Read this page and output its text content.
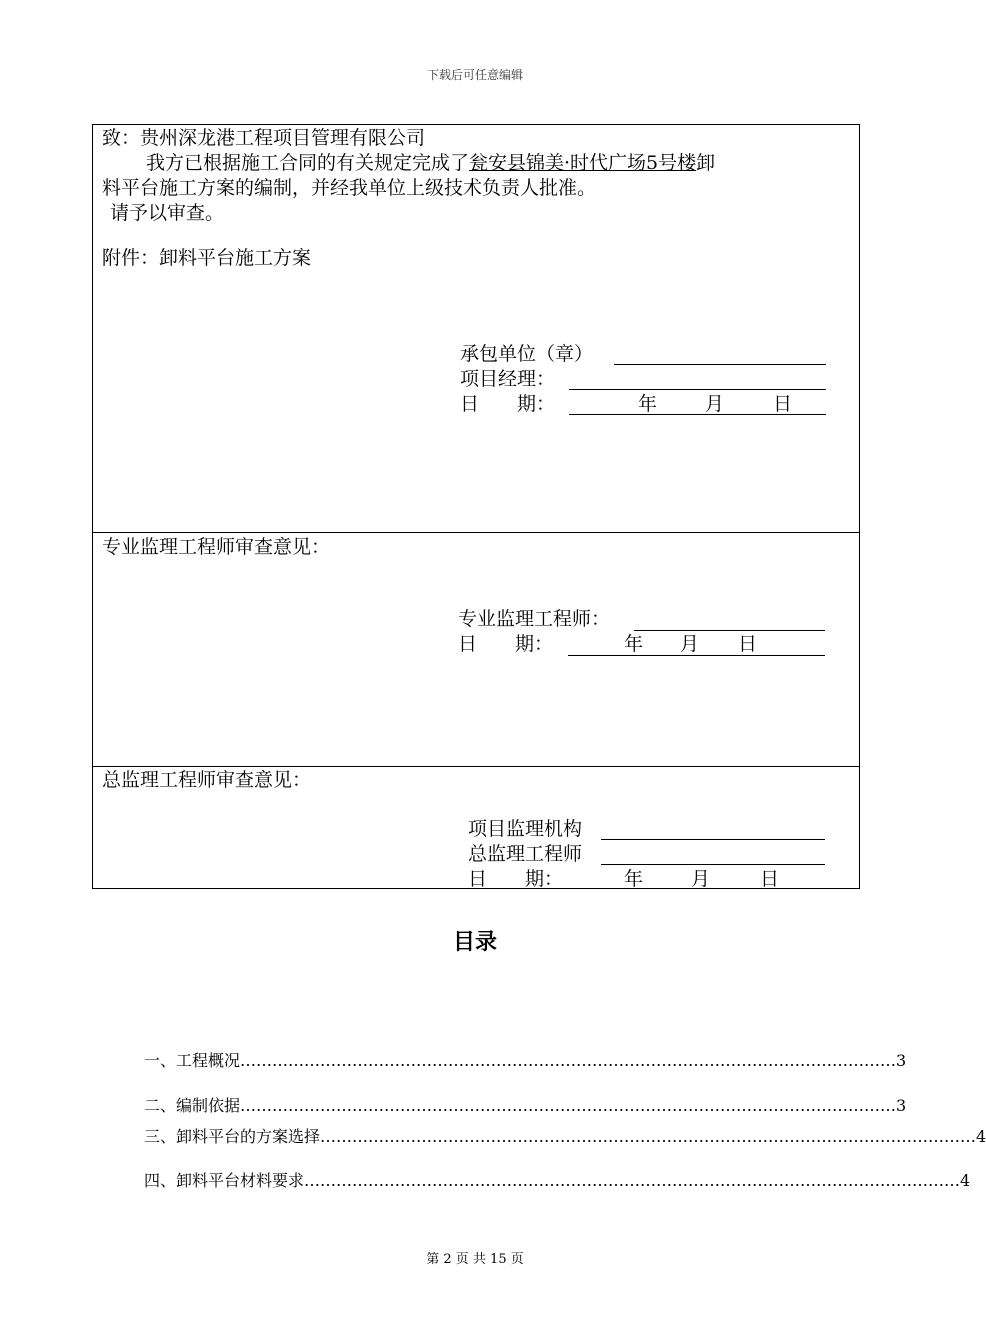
下载后可任意编辑
致：贵州深龙港工程项目管理有限公司
我方已根据施工合同的有关规定完成了瓮安县锦美·时代广场5号楼卸
料平台施工方案的编制，并经我单位上级技术负责人批准。
请予以审查。
附件：卸料平台施工方案
承包单位（章）
项目经理：
日　　期：	年	月	日
专业监理工程师审查意见：
专业监理工程师：
日　　期：	年 月 日
总监理工程师审查意见：
项目监理机构
总监理工程师
日　　期：	年	月	日
目录
一、工程概况 …………………………………………………………………………………………………………… 3
二、编制依据 …………………………………………………………………………………………………………… 3
三、卸料平台的方案选择 …………………………………………………………………………………………………………… 4
四、卸料平台材料要求 …………………………………………………………………………………………………………… 4
第 2 页 共 15 页
